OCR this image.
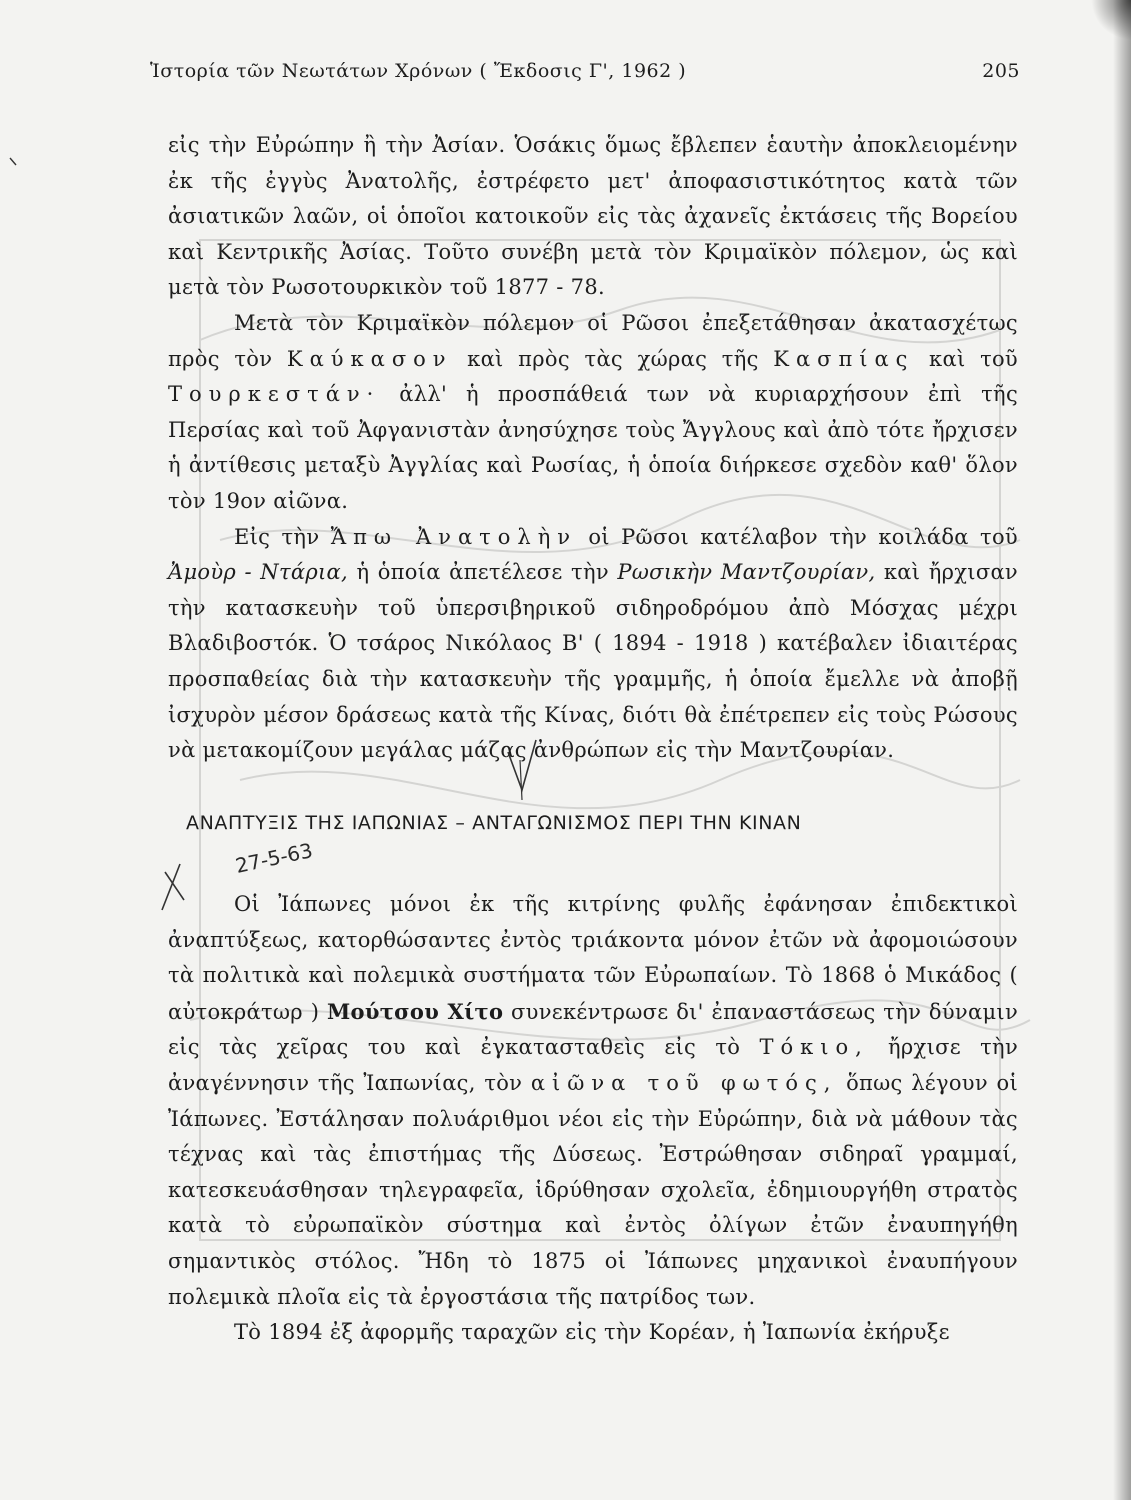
Ἱστορία τῶν Νεωτάτων Χρόνων ( Ἔκδοσις Γ', 1962 )	205

εἰς τὴν Εὐρώπην ἢ τὴν Ἀσίαν. Ὁσάκις ὅμως ἔβλεπεν ἑαυτὴν ἀποκλειομένην ἐκ τῆς ἐγγὺς Ἀνατολῆς, ἐστρέφετο μετ' ἀποφασιστικότητος κατὰ τῶν ἀσιατικῶν λαῶν, οἱ ὁποῖοι κατοικοῦν εἰς τὰς ἀχανεῖς ἐκτάσεις τῆς Βορείου καὶ Κεντρικῆς Ἀσίας. Τοῦτο συνέβη μετὰ τὸν Κριμαϊκὸν πόλεμον, ὡς καὶ μετὰ τὸν Ρωσοτουρκικὸν τοῦ 1877 - 78.

Μετὰ τὸν Κριμαϊκὸν πόλεμον οἱ Ρῶσοι ἐπεξετάθησαν ἀκατασχέτως πρὸς τὸν Καύκασον καὶ πρὸς τὰς χώρας τῆς Κασπίας καὶ τοῦ Τουρκεστάν· ἀλλ' ἡ προσπάθειά των νὰ κυριαρχήσουν ἐπὶ τῆς Περσίας καὶ τοῦ Ἀφγανιστὰν ἀνησύχησε τοὺς Ἄγγλους καὶ ἀπὸ τότε ἤρχισεν ἡ ἀντίθεσις μεταξὺ Ἀγγλίας καὶ Ρωσίας, ἡ ὁποία διήρκεσε σχεδὸν καθ' ὅλον τὸν 19ον αἰῶνα.

Εἰς τὴν Ἄπω Ἀνατολὴν οἱ Ρῶσοι κατέλαβον τὴν κοιλάδα τοῦ Ἀμοὺρ - Ντάρια, ἡ ὁποία ἀπετέλεσε τὴν Ρωσικὴν Μαντζουρίαν, καὶ ἤρχισαν τὴν κατασκευὴν τοῦ ὑπερσιβηρικοῦ σιδηροδρόμου ἀπὸ Μόσχας μέχρι Βλαδιβοστόκ. Ὁ τσάρος Νικόλαος Β' ( 1894 - 1918 ) κατέβαλεν ἰδιαιτέρας προσπαθείας διὰ τὴν κατασκευὴν τῆς γραμμῆς, ἡ ὁποία ἔμελλε νὰ ἀποβῇ ἰσχυρὸν μέσον δράσεως κατὰ τῆς Κίνας, διότι θὰ ἐπέτρεπεν εἰς τοὺς Ρώσους νὰ μετακομίζουν μεγάλας μάζας ἀνθρώπων εἰς τὴν Μαντζουρίαν.

ΑΝΑΠΤΥΞΙΣ ΤΗΣ ΙΑΠΩΝΙΑΣ – ΑΝΤΑΓΩΝΙΣΜΟΣ ΠΕΡΙ ΤΗΝ ΚΙΝΑΝ
27-5-63

Οἱ Ἰάπωνες μόνοι ἐκ τῆς κιτρίνης φυλῆς ἐφάνησαν ἐπιδεκτικοὶ ἀναπτύξεως, κατορθώσαντες ἐντὸς τριάκοντα μόνον ἐτῶν νὰ ἀφομοιώσουν τὰ πολιτικὰ καὶ πολεμικὰ συστήματα τῶν Εὐρωπαίων. Τὸ 1868 ὁ Μικάδος ( αὐτοκράτωρ ) Μούτσου Χίτο συνεκέντρωσε δι' ἐπαναστάσεως τὴν δύναμιν εἰς τὰς χεῖρας του καὶ ἐγκατασταθεὶς εἰς τὸ Τόκιο, ἤρχισε τὴν ἀναγέννησιν τῆς Ἰαπωνίας, τὸν αἰῶνα τοῦ φωτός, ὅπως λέγουν οἱ Ἰάπωνες. Ἐστάλησαν πολυάριθμοι νέοι εἰς τὴν Εὐρώπην, διὰ νὰ μάθουν τὰς τέχνας καὶ τὰς ἐπιστήμας τῆς Δύσεως. Ἐστρώθησαν σιδηραῖ γραμμαί, κατεσκευάσθησαν τηλεγραφεῖα, ἱδρύθησαν σχολεῖα, ἐδημιουργήθη στρατὸς κατὰ τὸ εὐρωπαϊκὸν σύστημα καὶ ἐντὸς ὀλίγων ἐτῶν ἐναυπηγήθη σημαντικὸς στόλος. Ἤδη τὸ 1875 οἱ Ἰάπωνες μηχανικοὶ ἐναυπήγουν πολεμικὰ πλοῖα εἰς τὰ ἐργοστάσια τῆς πατρίδος των.

Τὸ 1894 ἐξ ἀφορμῆς ταραχῶν εἰς τὴν Κορέαν, ἡ Ἰαπωνία ἐκήρυξε
